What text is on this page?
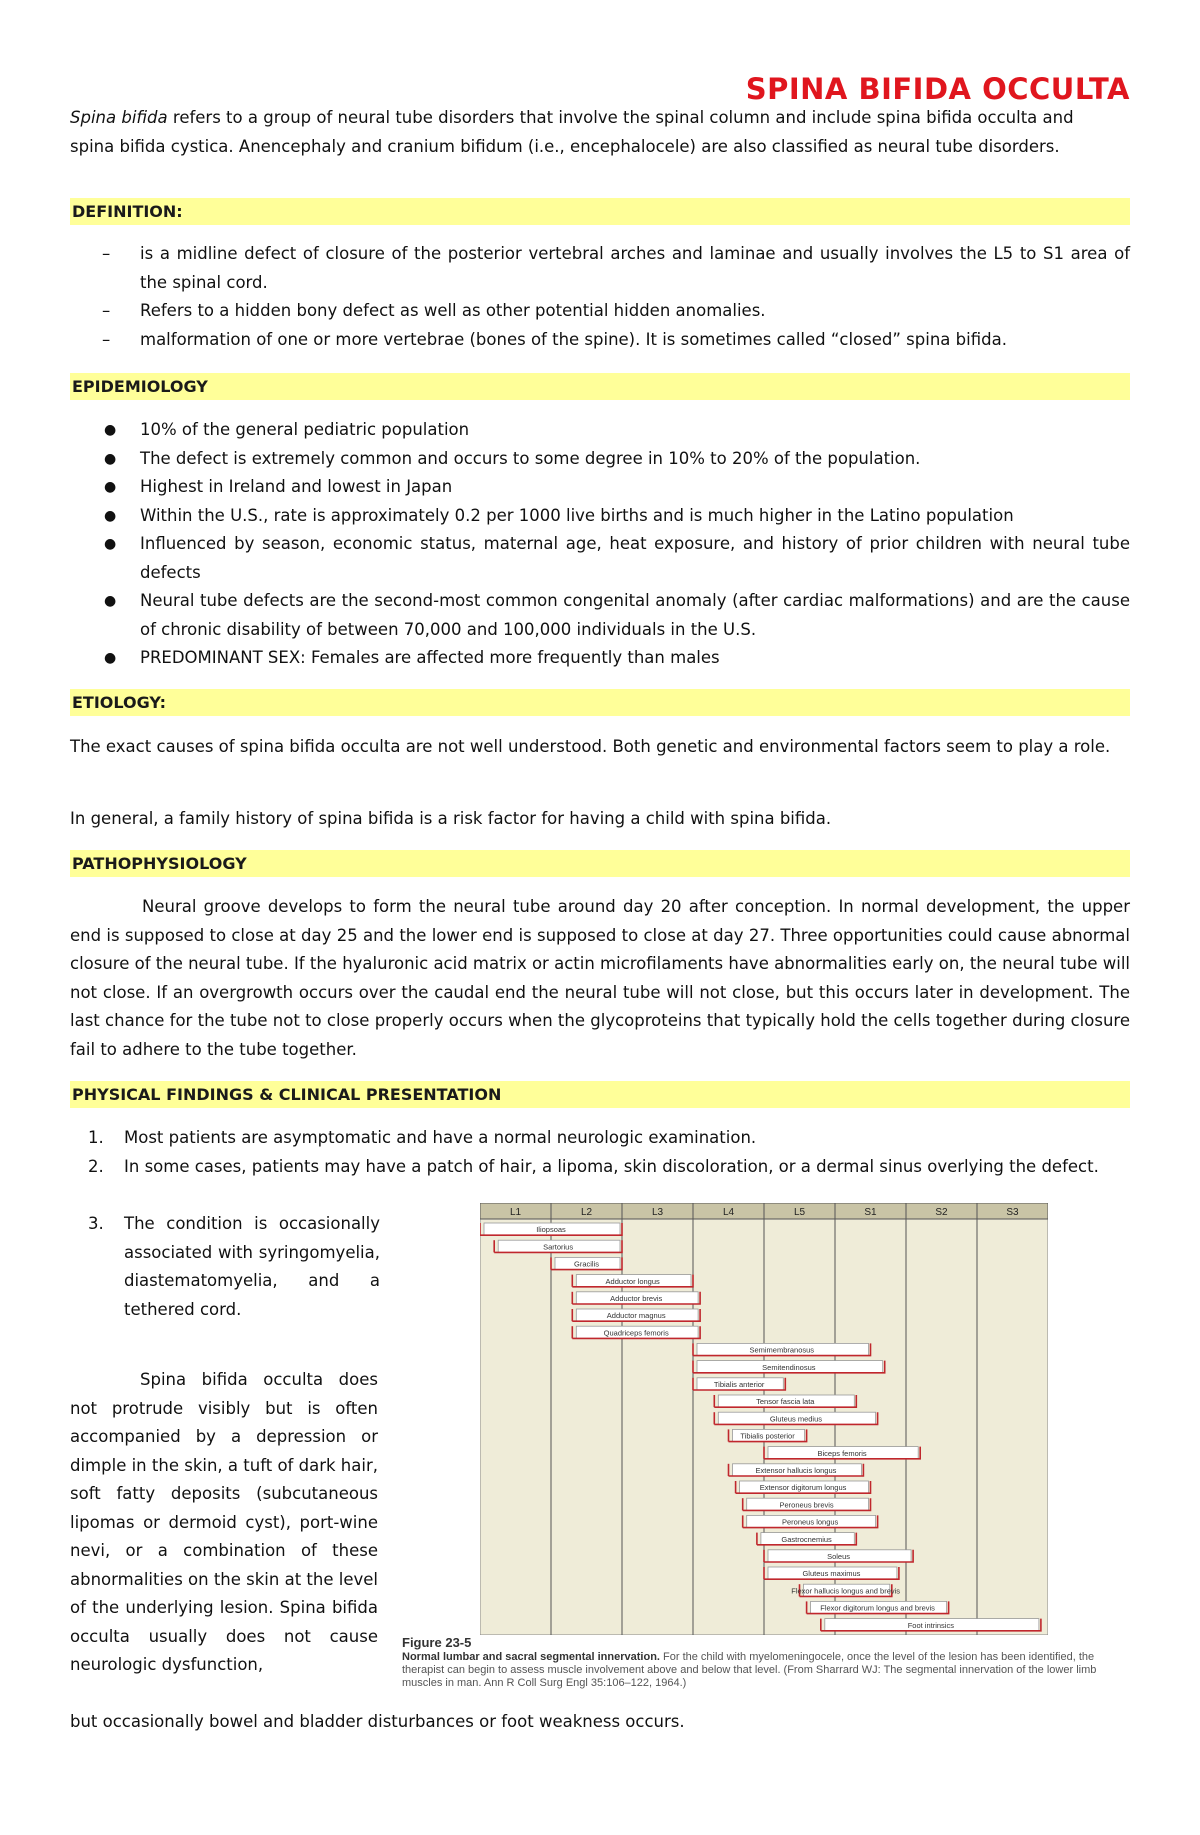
SPINA BIFIDA OCCULTA

Spina bifida refers to a group of neural tube disorders that involve the spinal column and include spina bifida occulta and

spina bifida cystica. Anencephaly and cranium bifidum (i.e., encephalocele) are also classified as neural tube disorders.

DEFINITION:
– is a midline defect of closure of the posterior vertebral arches and laminae and usually involves the L5 to S1 area of the spinal cord.
– Refers to a hidden bony defect as well as other potential hidden anomalies.
– malformation of one or more vertebrae (bones of the spine). It is sometimes called “closed” spina bifida.
EPIDEMIOLOGY
● 10% of the general pediatric population
● The defect is extremely common and occurs to some degree in 10% to 20% of the population.
● Highest in Ireland and lowest in Japan
● Within the U.S., rate is approximately 0.2 per 1000 live births and is much higher in the Latino population
● Influenced by season, economic status, maternal age, heat exposure, and history of prior children with neural tube defects
● Neural tube defects are the second-most common congenital anomaly (after cardiac malformations) and are the cause of chronic disability of between 70,000 and 100,000 individuals in the U.S.
● PREDOMINANT SEX: Females are affected more frequently than males
ETIOLOGY:

The exact causes of spina bifida occulta are not well understood. Both genetic and environmental factors seem to play a role.

In general, a family history of spina bifida is a risk factor for having a child with spina bifida.

PATHOPHYSIOLOGY

Neural groove develops to form the neural tube around day 20 after conception. In normal development, the upper end is supposed to close at day 25 and the lower end is supposed to close at day 27. Three opportunities could cause abnormal closure of the neural tube. If the hyaluronic acid matrix or actin microfilaments have abnormalities early on, the neural tube will not close. If an overgrowth occurs over the caudal end the neural tube will not close, but this occurs later in development. The last chance for the tube not to close properly occurs when the glycoproteins that typically hold the cells together during closure fail to adhere to the tube together.

PHYSICAL FINDINGS & CLINICAL PRESENTATION
1. Most patients are asymptomatic and have a normal neurologic examination.
2. In some cases, patients may have a patch of hair, a lipoma, skin discoloration, or a dermal sinus overlying the defect.
3. The condition is occasionally associated with syringomyelia, diastematomyelia, and a tethered cord.

Spina bifida occulta does not protrude visibly but is often accompanied by a depression or dimple in the skin, a tuft of dark hair, soft fatty deposits (subcutaneous lipomas or dermoid cyst), port-wine nevi, or a combination of these abnormalities on the skin at the level of the underlying lesion. Spina bifida occulta usually does not cause neurologic dysfunction,

but occasionally bowel and bladder disturbances or foot weakness occurs.

L1	L2	L3	L4	L5	S1	S2	S3
Iliopsoas
Sartorius
Gracilis
Adductor longus
Adductor brevis
Adductor magnus
Quadriceps femoris
Semimembranosus
Semitendinosus
Tibialis anterior
Tensor fascia lata
Gluteus medius
Tibialis posterior
Biceps femoris
Extensor hallucis longus
Extensor digitorum longus
Peroneus brevis
Peroneus longus
Gastrocnemius
Soleus
Gluteus maximus
Flexor hallucis longus and brevis
Flexor digitorum longus and brevis
Foot intrinsics
Figure 23-5
Normal lumbar and sacral segmental innervation. For the child with myelomeningocele, once the level of the lesion has been identified, the therapist can begin to assess muscle involvement above and below that level. (From Sharrard WJ: The segmental innervation of the lower limb muscles in man. Ann R Coll Surg Engl 35:106–122, 1964.)
